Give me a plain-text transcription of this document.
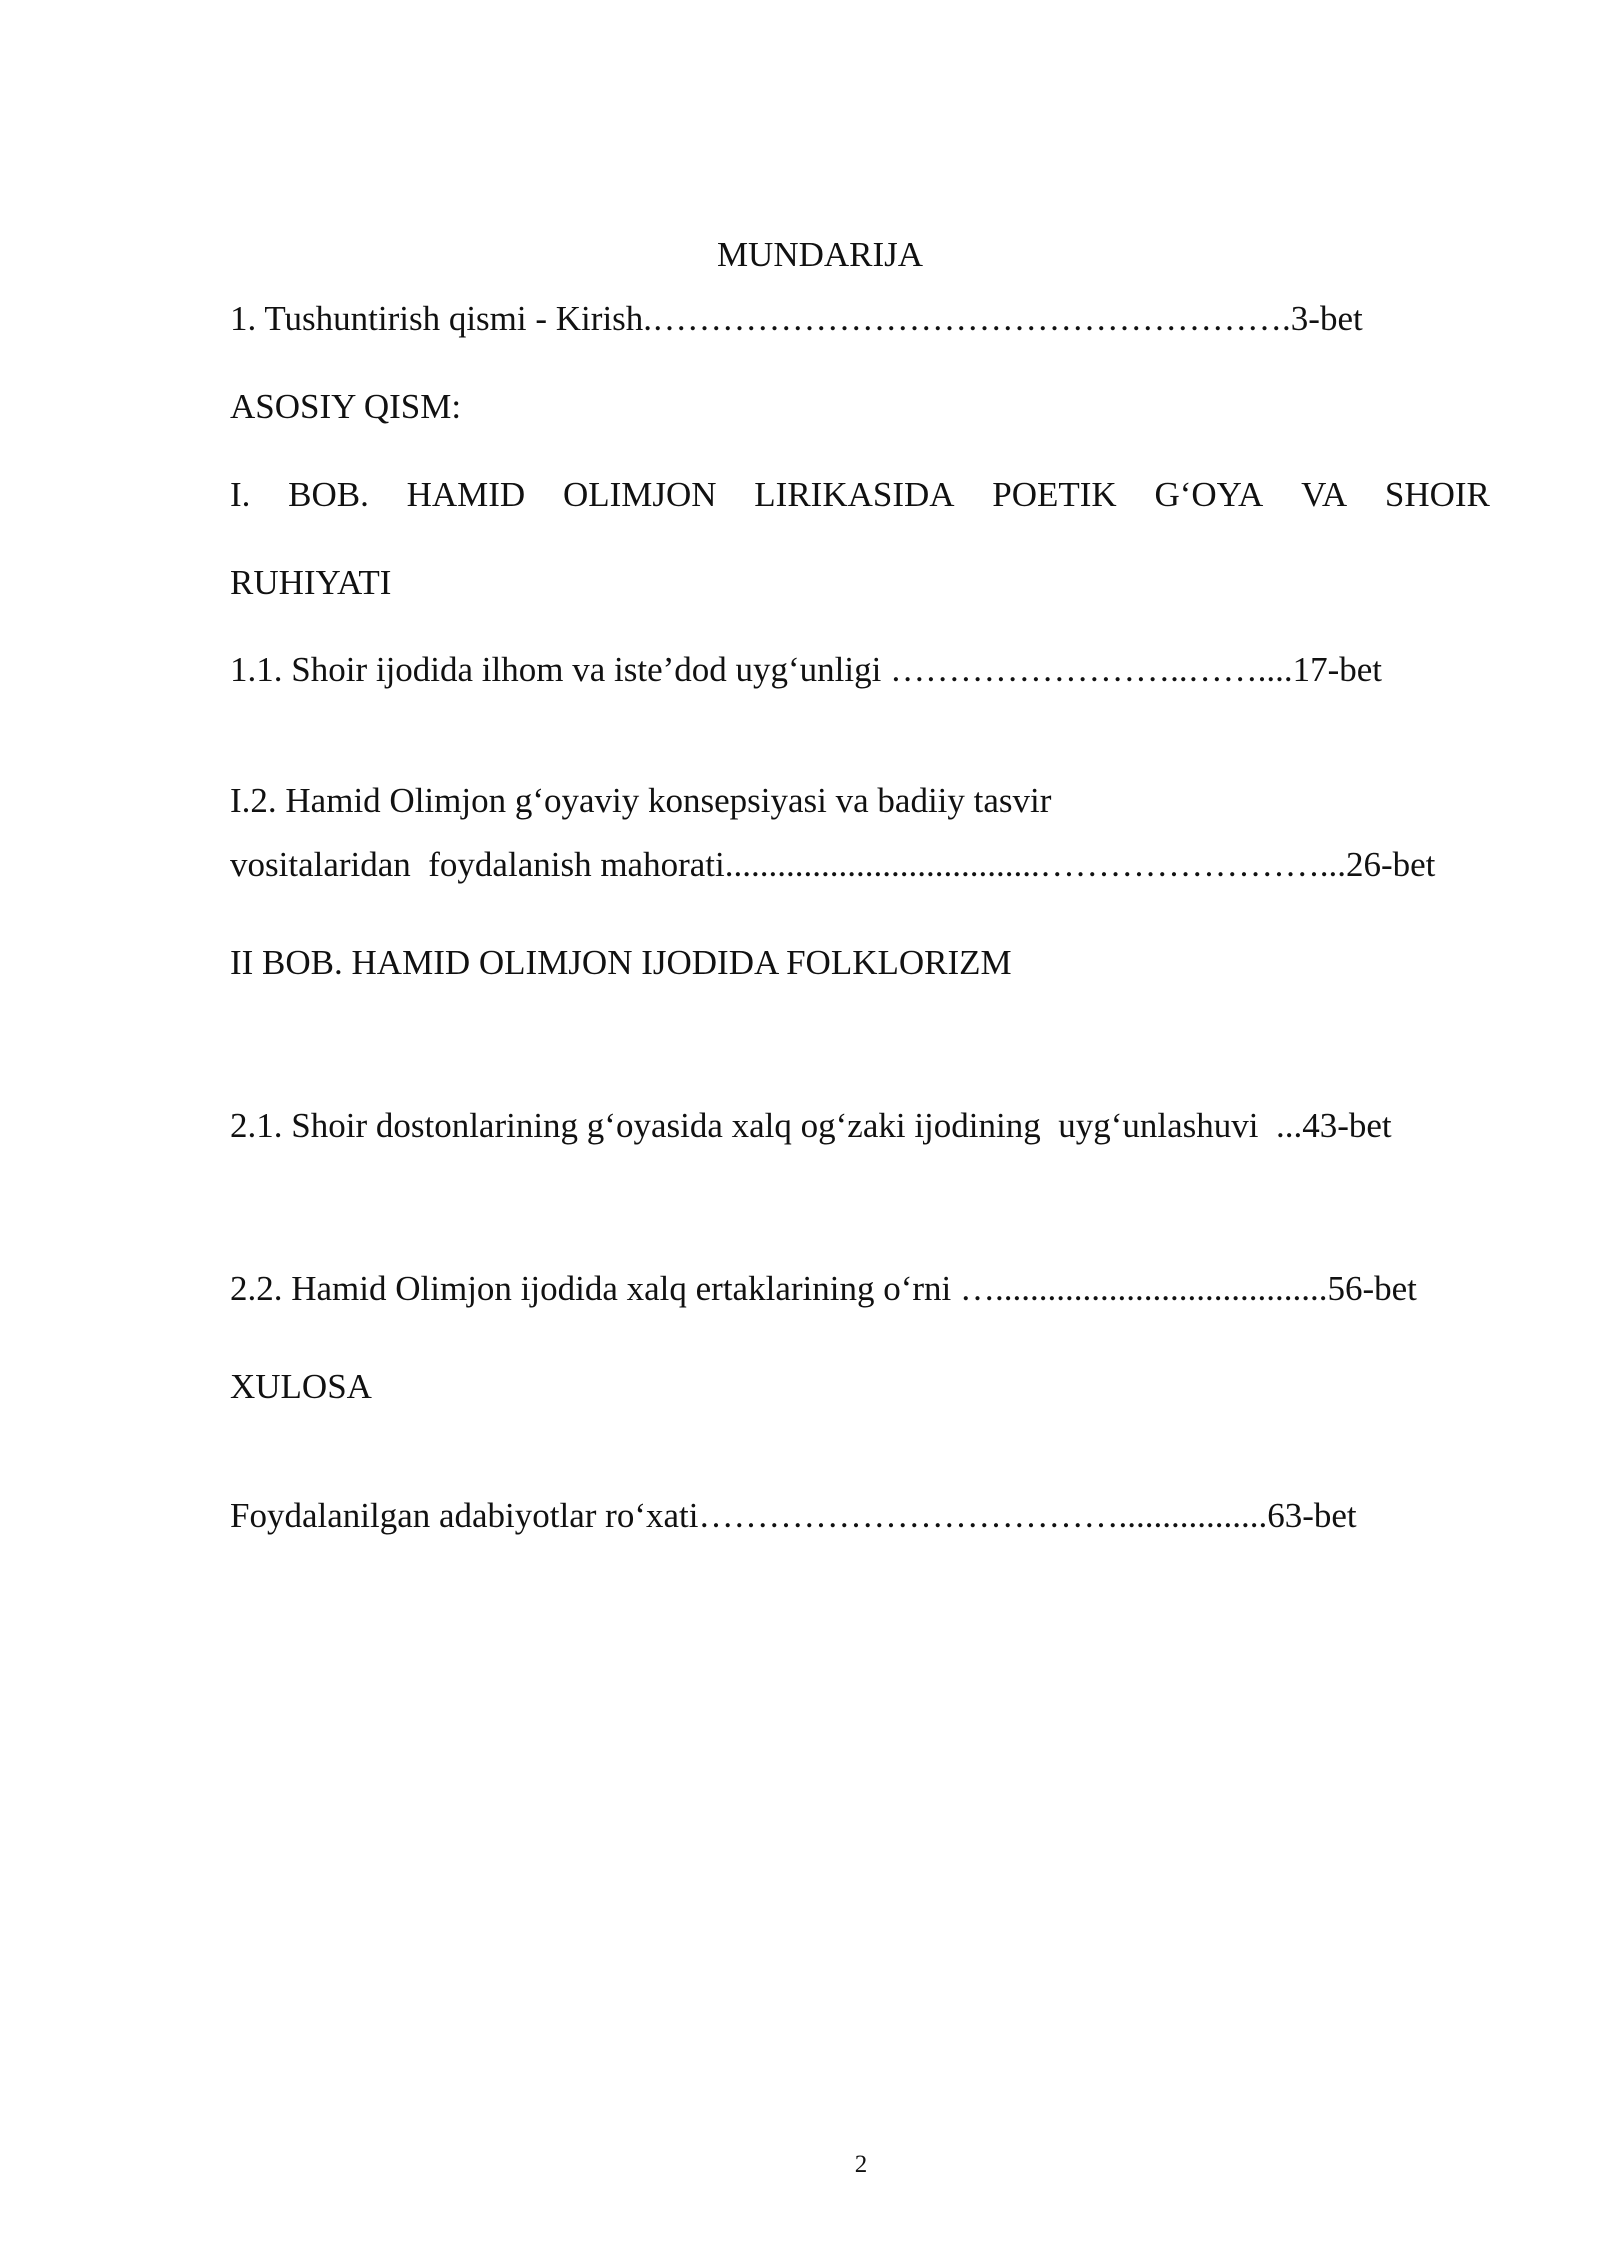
MUNDARIJA
1. Tushuntirish qismi - Kirish.……………………………………………….3-bet
ASOSIY QISM:
I. BOB. HAMID OLIMJON LIRIKASIDA POETIK G‘OYA VA SHOIR
RUHIYATI
1.1. Shoir ijodida ilhom va iste’dod uyg‘unligi ……………………..……....17-bet
I.2. Hamid Olimjon g‘oyaviy konsepsiyasi va badiiy tasvir
vositalaridan  foydalanish mahorati....................................……………………...26-bet
II BOB. HAMID OLIMJON IJODIDA FOLKLORIZM
2.1. Shoir dostonlarining g‘oyasida xalq og‘zaki ijodining  uyg‘unlashuvi  ...43-bet
2.2. Hamid Olimjon ijodida xalq ertaklarining o‘rni …......................................56-bet
XULOSA
Foydalanilgan adabiyotlar ro‘xati……………………………….................63-bet
2
